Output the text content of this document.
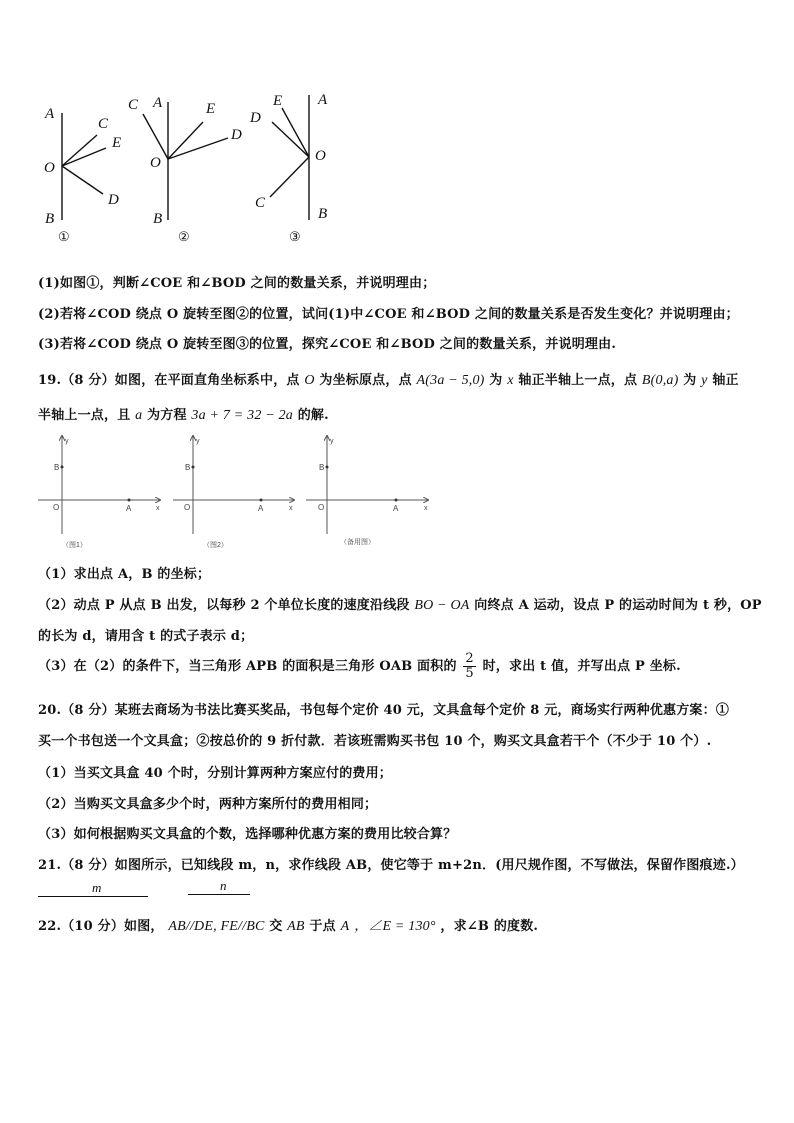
A
C
E
O
D
B
①
C A	E
D
O
B
②
E A
D
O
C
B
③
(1)如图①，判断∠COE 和∠BOD 之间的数量关系，并说明理由；
(2)若将∠COD 绕点 O 旋转至图②的位置，试问(1)中∠COE 和∠BOD 之间的数量关系是否发生变化？并说明理由；
(3)若将∠COD 绕点 O 旋转至图③的位置，探究∠COE 和∠BOD 之间的数量关系，并说明理由.
19.（8 分）如图，在平面直角坐标系中，点 O 为坐标原点，点 A(3a − 5,0) 为 x 轴正半轴上一点，点 B(0,a) 为 y 轴正
半轴上一点，且 a 为方程 3a + 7 = 32 − 2a 的解.
y
B
O	A	x
（图1）
y
B
O	A	x
（图2）
y
B
O	A	x
（备用图）
（1）求出点 A，B 的坐标；
（2）动点 P 从点 B 出发，以每秒 2 个单位长度的速度沿线段 BO − OA 向终点 A 运动，设点 P 的运动时间为 t 秒，OP
的长为 d，请用含 t 的式子表示 d；
（3）在（2）的条件下，当三角形 APB 的面积是三角形 OAB 面积的 $\frac{2}{5}$ 时，求出 t 值，并写出点 P 坐标.
20.（8 分）某班去商场为书法比赛买奖品，书包每个定价 40 元，文具盒每个定价 8 元，商场实行两种优惠方案：①
买一个书包送一个文具盒；②按总价的 9 折付款．若该班需购买书包 10 个，购买文具盒若干个（不少于 10 个）.
（1）当买文具盒 40 个时，分别计算两种方案应付的费用；
（2）当购买文具盒多少个时，两种方案所付的费用相同；
（3）如何根据购买文具盒的个数，选择哪种优惠方案的费用比较合算？
21.（8 分）如图所示，已知线段 m，n，求作线段 AB，使它等于 m+2n．(用尺规作图，不写做法，保留作图痕迹.）
m	n
22.（10 分）如图， AB//DE, FE//BC 交 AB 于点 A ，∠E = 130° ，求∠B 的度数.
